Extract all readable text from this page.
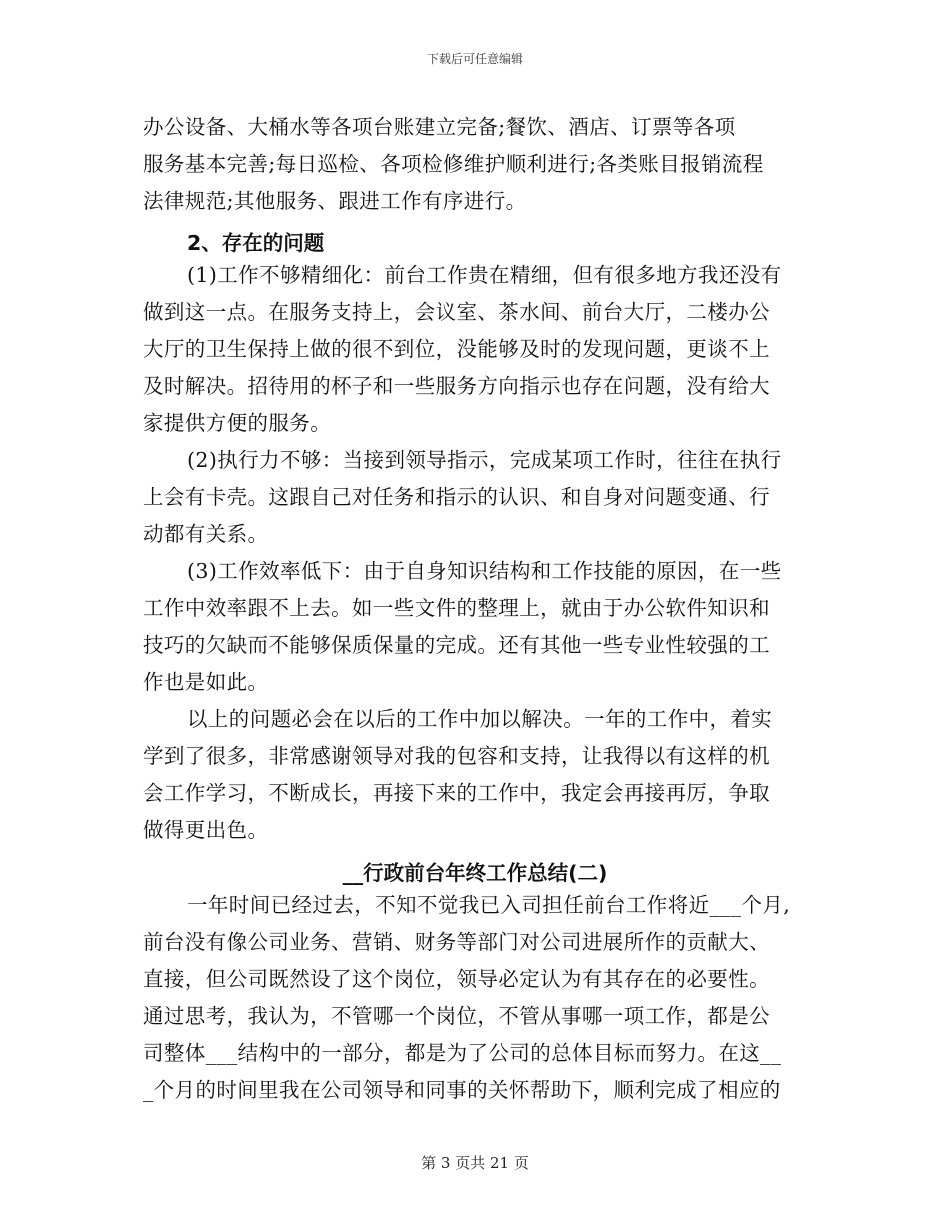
下载后可任意编辑
办公设备、大桶水等各项台账建立完备;餐饮、酒店、订票等各项
服务基本完善;每日巡检、各项检修维护顺利进行;各类账目报销流程
法律规范;其他服务、跟进工作有序进行。
2、存在的问题
(1)工作不够精细化：前台工作贵在精细，但有很多地方我还没有
做到这一点。在服务支持上，会议室、茶水间、前台大厅，二楼办公
大厅的卫生保持上做的很不到位，没能够及时的发现问题，更谈不上
及时解决。招待用的杯子和一些服务方向指示也存在问题，没有给大
家提供方便的服务。
(2)执行力不够：当接到领导指示，完成某项工作时，往往在执行
上会有卡壳。这跟自己对任务和指示的认识、和自身对问题变通、行
动都有关系。
(3)工作效率低下：由于自身知识结构和工作技能的原因，在一些
工作中效率跟不上去。如一些文件的整理上，就由于办公软件知识和
技巧的欠缺而不能够保质保量的完成。还有其他一些专业性较强的工
作也是如此。
以上的问题必会在以后的工作中加以解决。一年的工作中，着实
学到了很多，非常感谢领导对我的包容和支持，让我得以有这样的机
会工作学习，不断成长，再接下来的工作中，我定会再接再厉，争取
做得更出色。
__行政前台年终工作总结(二)
一年时间已经过去，不知不觉我已入司担任前台工作将近___个月,
前台没有像公司业务、营销、财务等部门对公司进展所作的贡献大、
直接，但公司既然设了这个岗位，领导必定认为有其存在的必要性。
通过思考，我认为，不管哪一个岗位，不管从事哪一项工作，都是公
司整体___结构中的一部分，都是为了公司的总体目标而努力。在这__
_个月的时间里我在公司领导和同事的关怀帮助下，顺利完成了相应的
第 3 页共 21 页
